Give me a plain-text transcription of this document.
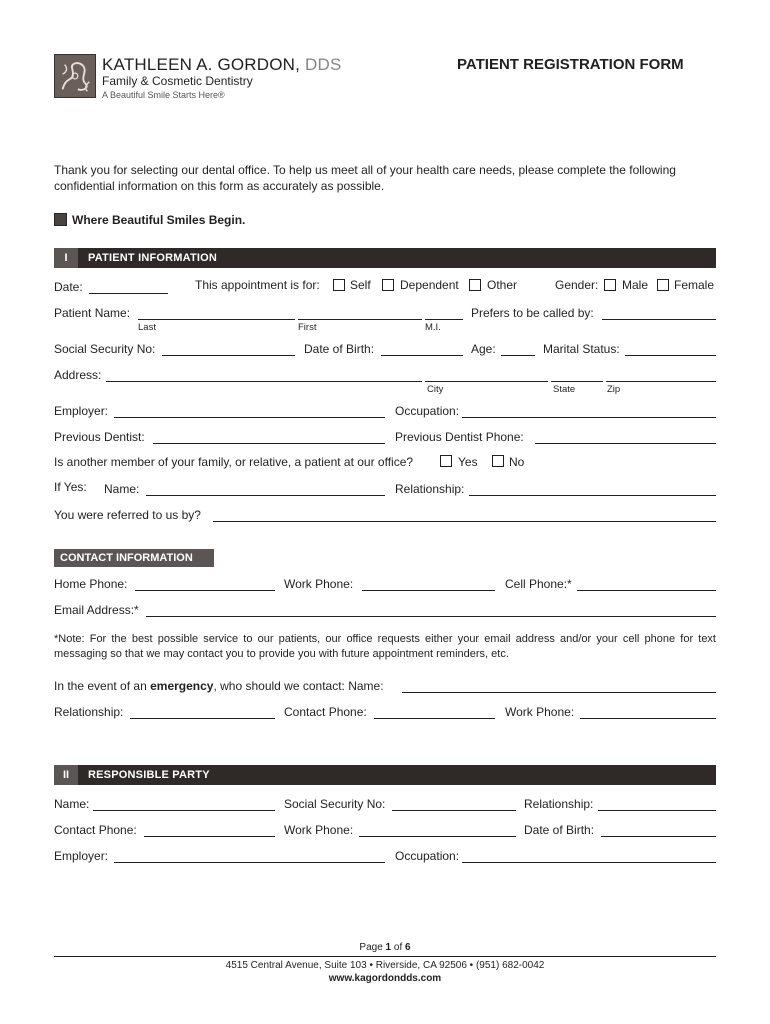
KATHLEEN A. GORDON, DDS
Family & Cosmetic Dentistry
A Beautiful Smile Starts Here®
PATIENT REGISTRATION FORM
Thank you for selecting our dental office. To help us meet all of your health care needs, please complete the following confidential information on this form as accurately as possible.
Where Beautiful Smiles Begin.
I	PATIENT INFORMATION
Date:	This appointment is for:	Self Dependent Other	Gender: Male Female
Patient Name:
Last	First	M.I.
Prefers to be called by:
Social Security No:	Date of Birth:	Age:	Marital Status:
Address:
City	State	Zip
Employer:	Occupation:
Previous Dentist:	Previous Dentist Phone:
Is another member of your family, or relative, a patient at our office?	Yes	No
If Yes: Name:	Relationship:
You were referred to us by?
CONTACT INFORMATION
Home Phone:	Work Phone:	Cell Phone:*
Email Address:*
*Note: For the best possible service to our patients, our office requests either your email address and/or your cell phone for text messaging so that we may contact you to provide you with future appointment reminders, etc.
In the event of an emergency, who should we contact: Name:
Relationship:	Contact Phone:	Work Phone:
II	RESPONSIBLE PARTY
Name:	Social Security No:	Relationship:
Contact Phone:	Work Phone:	Date of Birth:
Employer:	Occupation:
Page 1 of 6
4515 Central Avenue, Suite 103 • Riverside, CA 92506 • (951) 682-0042
www.kagordondds.com
